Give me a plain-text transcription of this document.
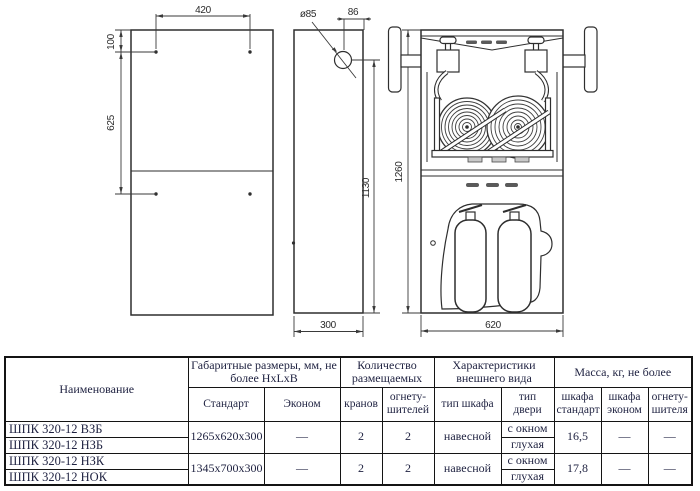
420
100
625
ø85	86
1130
300
1260
620
Наименование	Габаритные размеры, мм, не более HxLxB		Количество размещаемых		Характеристики внешнего вида		Масса, кг, не более		
	Стандарт	Эконом	кранов	огнету-шителей	тип шкафа	тип двери	шкафа стандарт	шкафа эконом	огнету-шителя
ШПК 320-12 ВЗБ	1265x620x300	—	2	2	навесной	с окном	16,5	—	—
ШПК 320-12 НЗБ						глухая			
ШПК 320-12 НЗК	1345x700x300	—	2	2	навесной	с окном	17,8	—	—
ШПК 320-12 НОК						глухая			
